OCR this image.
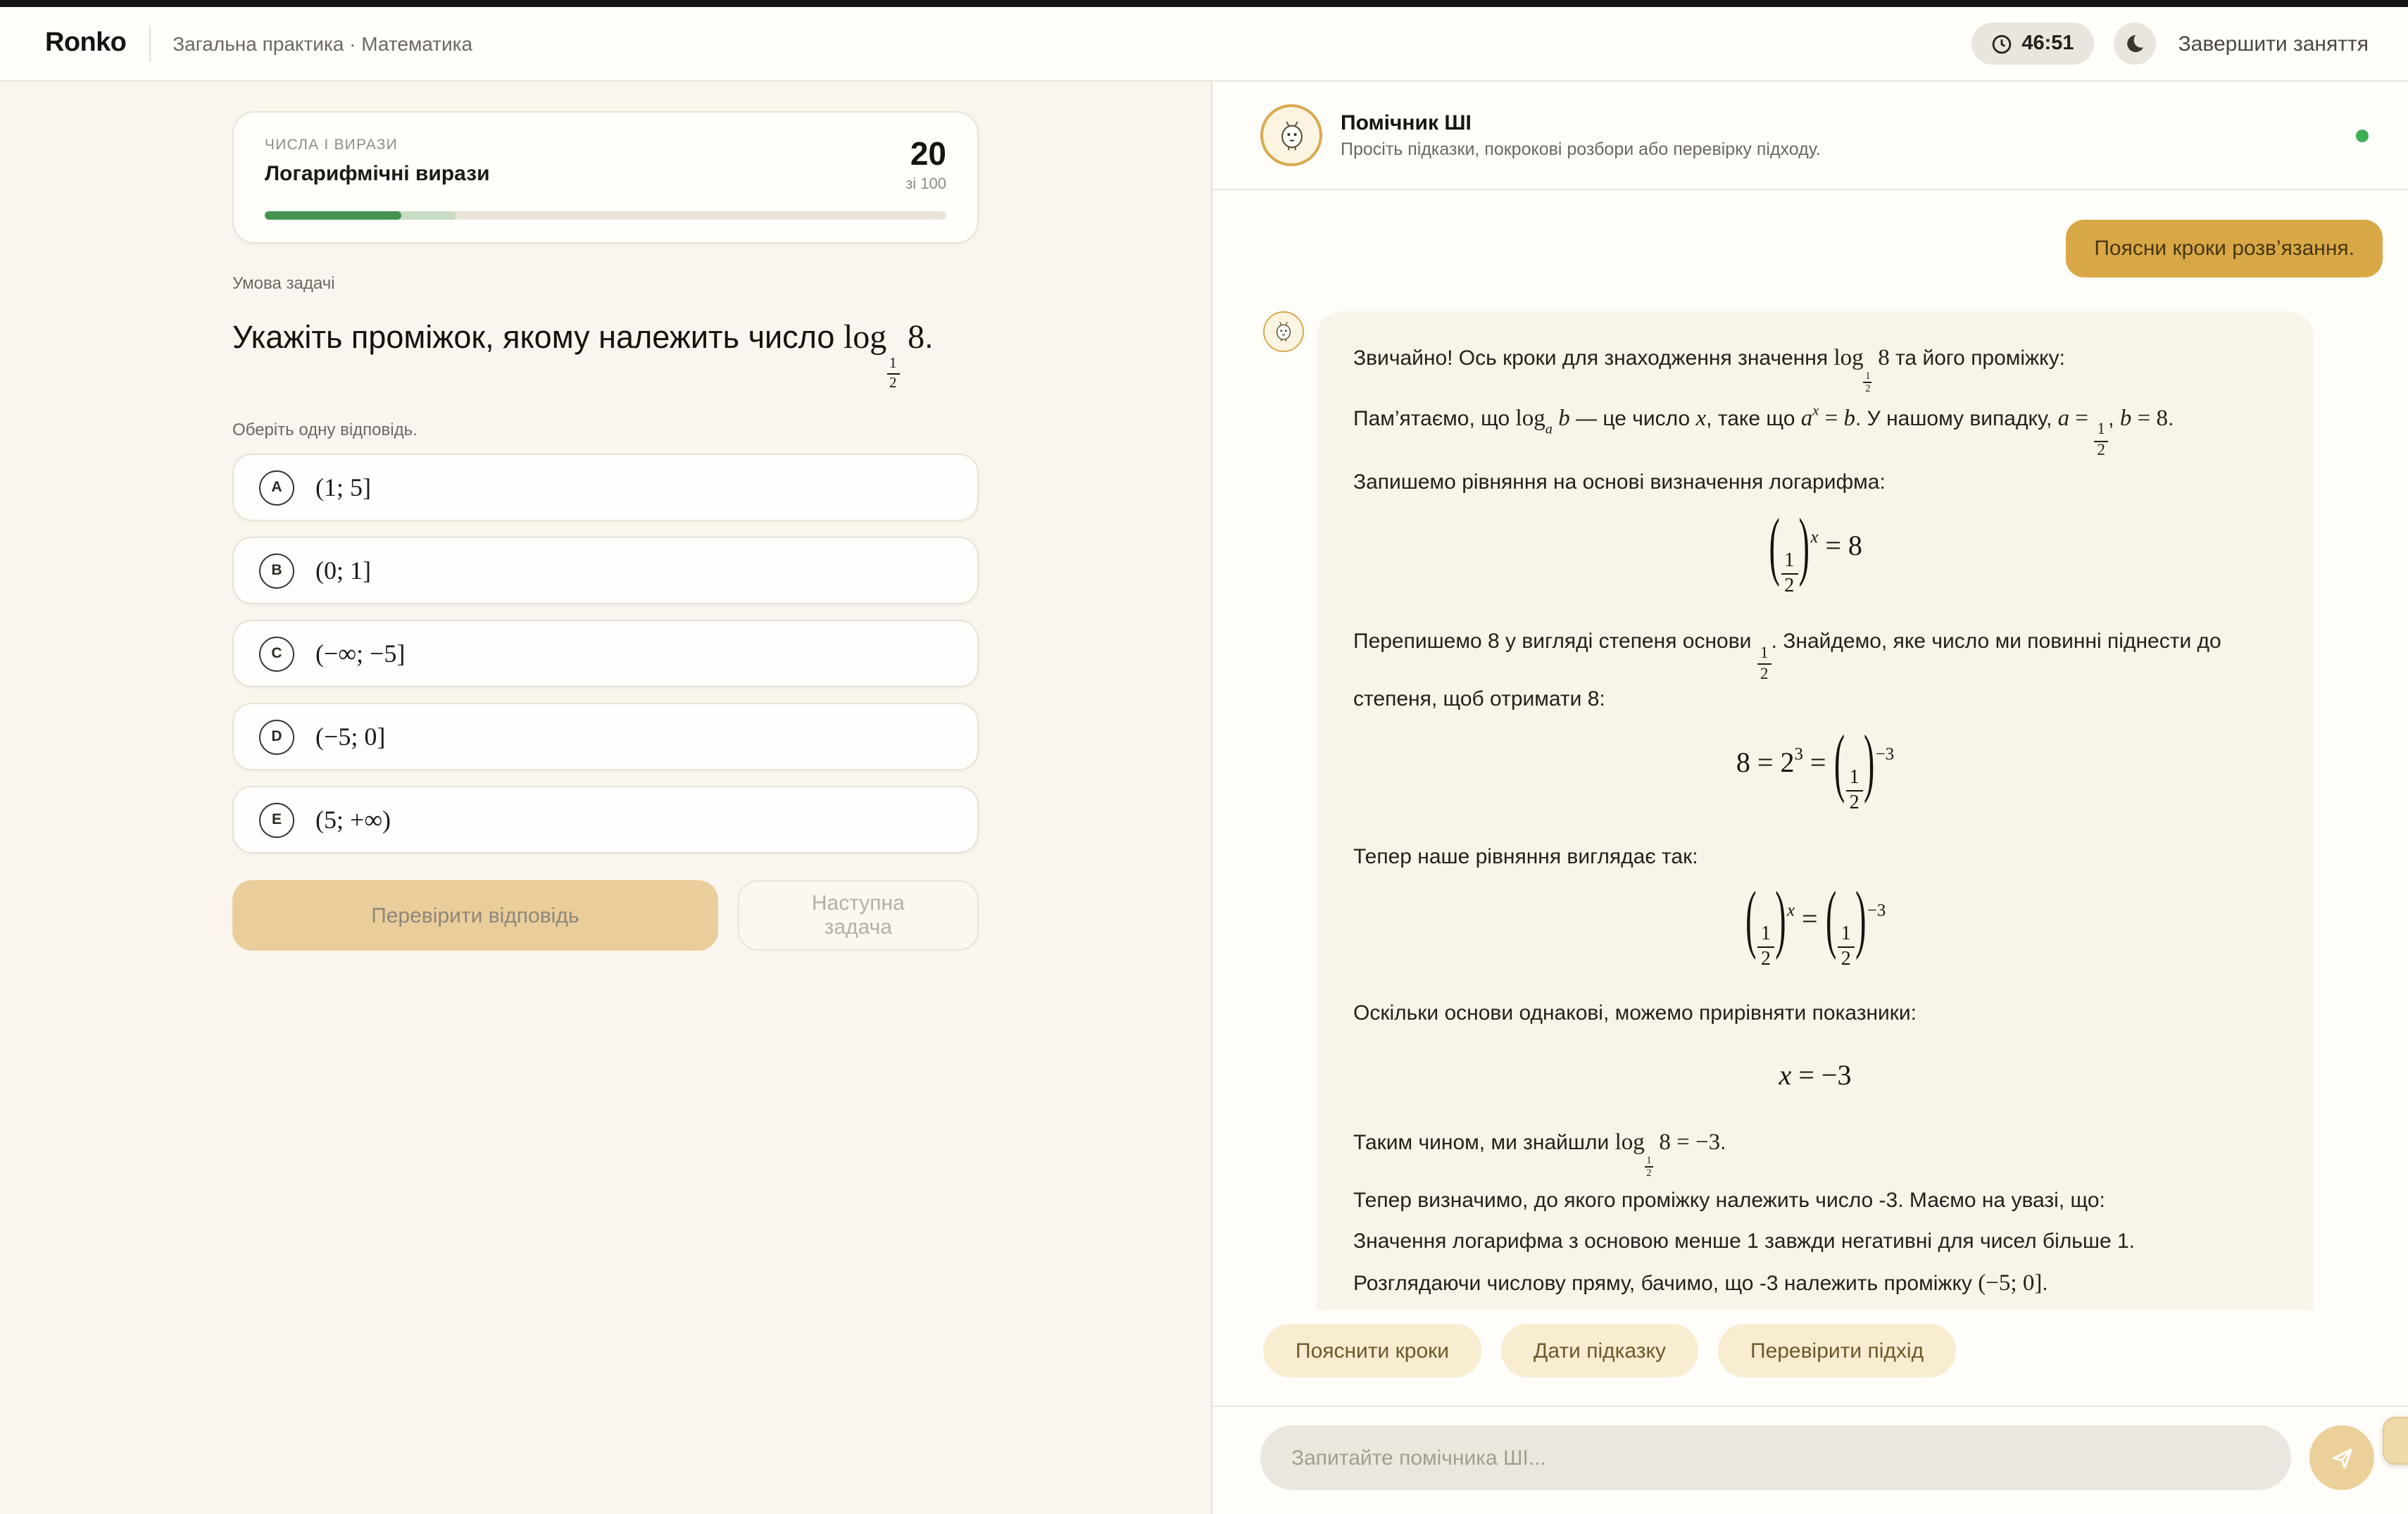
Ronko	Загальна практика · Математика	46:51	Завершити заняття
ЧИСЛА І ВИРАЗИ
Логарифмічні вирази
20
зі 100
Умова задачі
Укажіть проміжок, якому належить число log
$_{\frac{1}{2}}$
8.
Оберіть одну відповідь.
A	(1; 5]
B	(0; 1]
C	(−∞; −5]
D	(−5; 0]
E	(5; +∞)
Перевірити відповідь	Наступна задача
Помічник ШІ
Просіть підказки, покрокові розбори або перевірку підходу.
Поясни кроки розв’язання.

Звичайно! Ось кроки для знаходження значення log
$_{\frac{1}{2}}$
8 та його проміжку:

Пам’ятаємо, що $\log_a b$ — це число x, таке що $a^x = b$. У нашому випадку, a =
$\frac{1}{2}$
, b = 8.

Запишемо рівняння на основі визначення логарифма:

( $\frac{1}{2} )^x = 8$

Перепишемо 8 у вигляді степеня основи
$\frac{1}{2}$
. Знайдемо, яке число ми повинні піднести до степеня, щоб отримати 8:

$8 = 2^3$ = ( $\frac{1}{2} )^{-3}$

Тепер наше рівняння виглядає так:

( $\frac{1}{2} )^x$ = ( $\frac{1}{2} )^{-3}$

Оскільки основи однакові, можемо прирівняти показники:

x = −3

Таким чином, ми знайшли log
$_{\frac{1}{2}}$
8 = −3.

Тепер визначимо, до якого проміжку належить число -3. Маємо на увазі, що:

Значення логарифма з основою менше 1 завжди негативні для чисел більше 1.

Розглядаючи числову пряму, бачимо, що -3 належить проміжку (−5; 0].

Пояснити кроки	Дати підказку	Перевірити підхід
Запитайте помічника ШІ...
